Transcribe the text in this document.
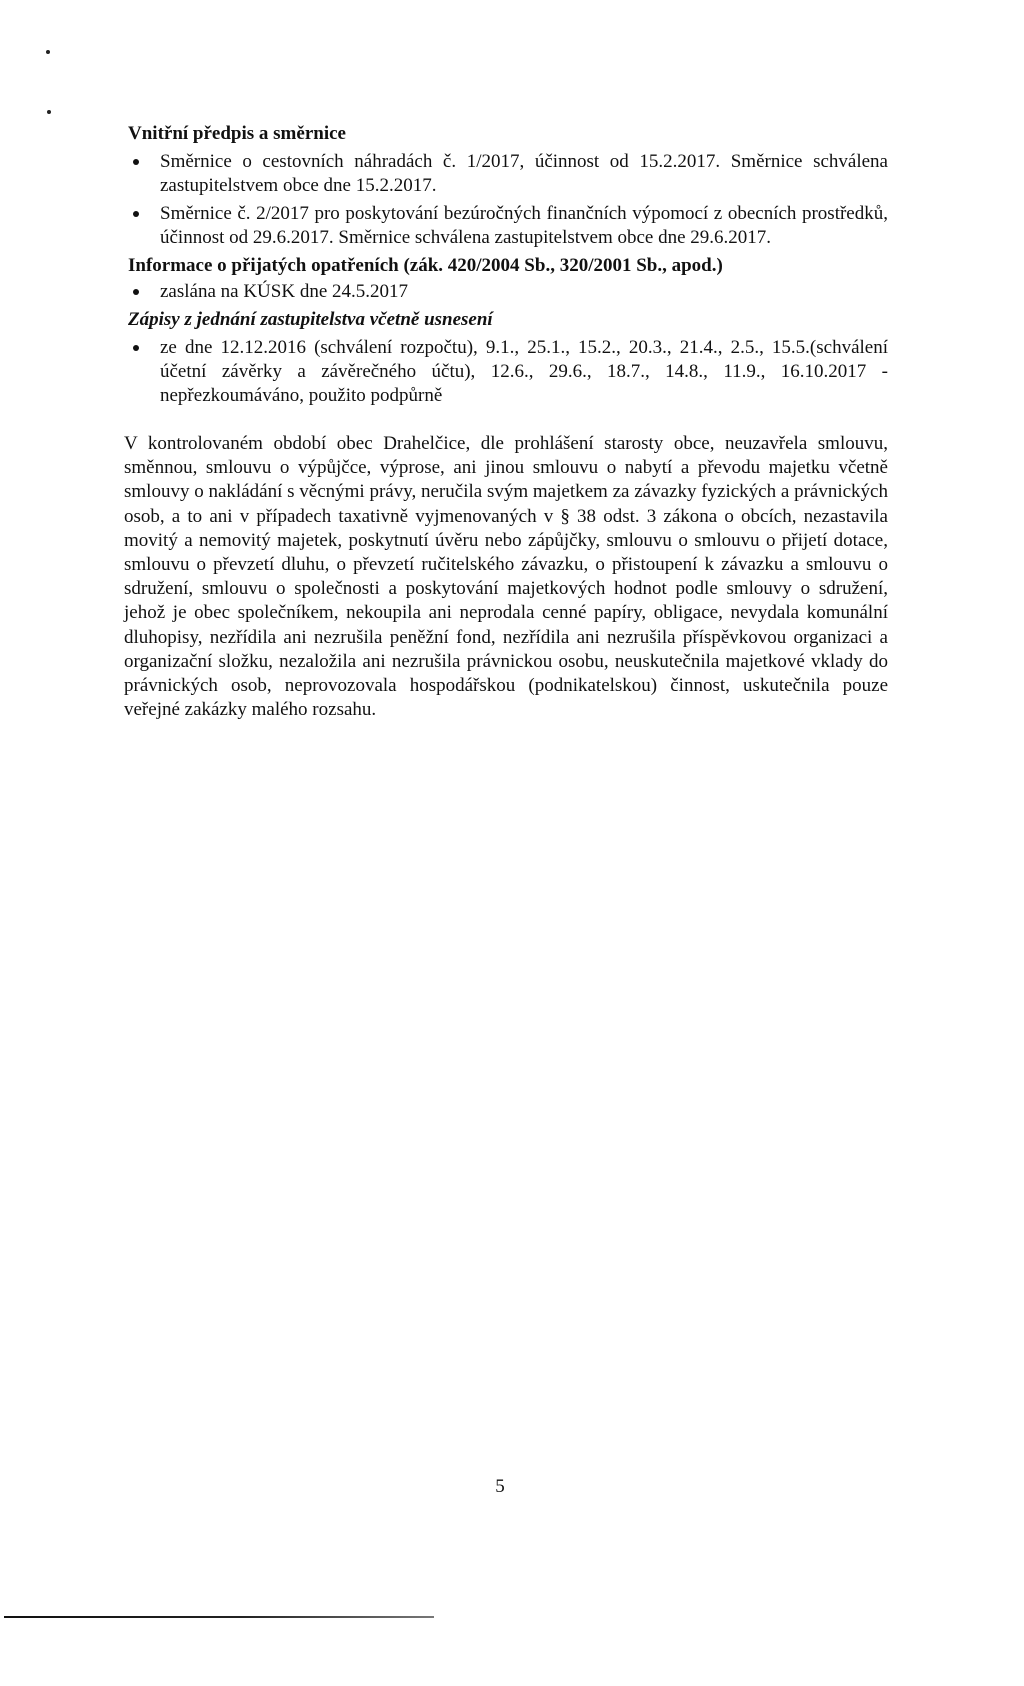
Vnitřní předpis a směrnice
Směrnice o cestovních náhradách č. 1/2017, účinnost od 15.2.2017. Směrnice schválena zastupitelstvem obce dne 15.2.2017.
Směrnice č. 2/2017 pro poskytování bezúročných finančních výpomocí z obecních prostředků, účinnost od 29.6.2017. Směrnice schválena zastupitelstvem obce dne 29.6.2017.
Informace o přijatých opatřeních (zák. 420/2004 Sb., 320/2001 Sb., apod.)
zaslána na KÚSK dne 24.5.2017
Zápisy z jednání zastupitelstva včetně usnesení
ze dne 12.12.2016 (schválení rozpočtu), 9.1., 25.1., 15.2., 20.3., 21.4., 2.5., 15.5.(schválení účetní závěrky a závěrečného účtu), 12.6., 29.6., 18.7., 14.8., 11.9., 16.10.2017 - nepřezkoumáváno, použito podpůrně

V kontrolovaném období obec Drahelčice, dle prohlášení starosty obce, neuzavřela smlouvu, směnnou, smlouvu o výpůjčce, výprose, ani jinou smlouvu o nabytí a převodu majetku včetně smlouvy o nakládání s věcnými právy, neručila svým majetkem za závazky fyzických a právnických osob, a to ani v případech taxativně vyjmenovaných v § 38 odst. 3 zákona o obcích, nezastavila movitý a nemovitý majetek, poskytnutí úvěru nebo zápůjčky, smlouvu o smlouvu o přijetí dotace, smlouvu o převzetí dluhu, o převzetí ručitelského závazku, o přistoupení k závazku a smlouvu o sdružení, smlouvu o společnosti a poskytování majetkových hodnot podle smlouvy o sdružení, jehož je obec společníkem, nekoupila ani neprodala cenné papíry, obligace, nevydala komunální dluhopisy, nezřídila ani nezrušila peněžní fond, nezřídila ani nezrušila příspěvkovou organizaci a organizační složku, nezaložila ani nezrušila právnickou osobu, neuskutečnila majetkové vklady do právnických osob, neprovozovala hospodářskou (podnikatelskou) činnost, uskutečnila pouze veřejné zakázky malého rozsahu.

5
